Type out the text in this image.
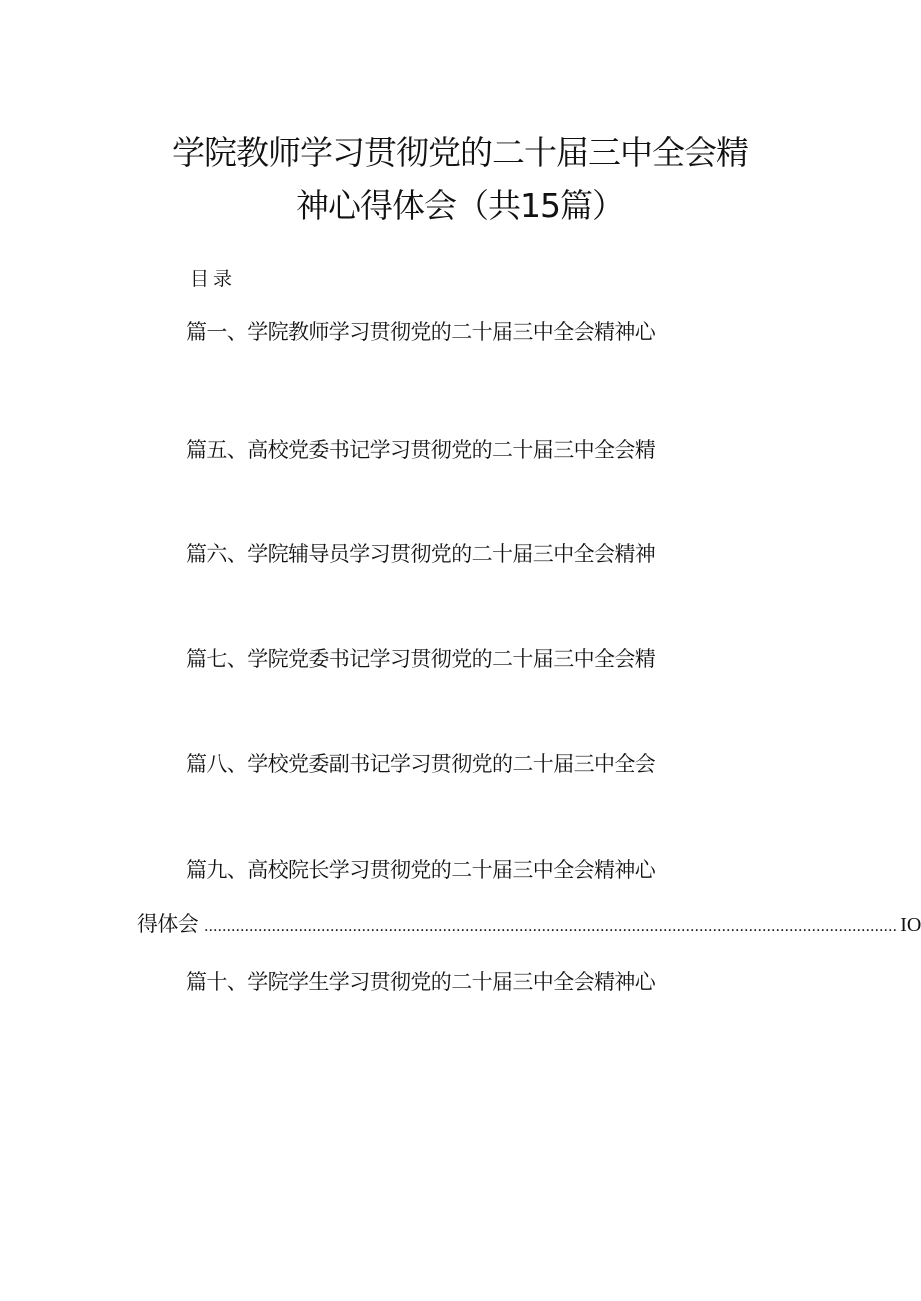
学院教师学习贯彻党的二十届三中全会精
神心得体会（共15篇）
目录
篇一、学院教师学习贯彻党的二十届三中全会精神心
篇五、高校党委书记学习贯彻党的二十届三中全会精
篇六、学院辅导员学习贯彻党的二十届三中全会精神
篇七、学院党委书记学习贯彻党的二十届三中全会精
篇八、学校党委副书记学习贯彻党的二十届三中全会
篇九、高校院长学习贯彻党的二十届三中全会精神心
得体会 .......................................................................................................................................................... IO
篇十、学院学生学习贯彻党的二十届三中全会精神心
